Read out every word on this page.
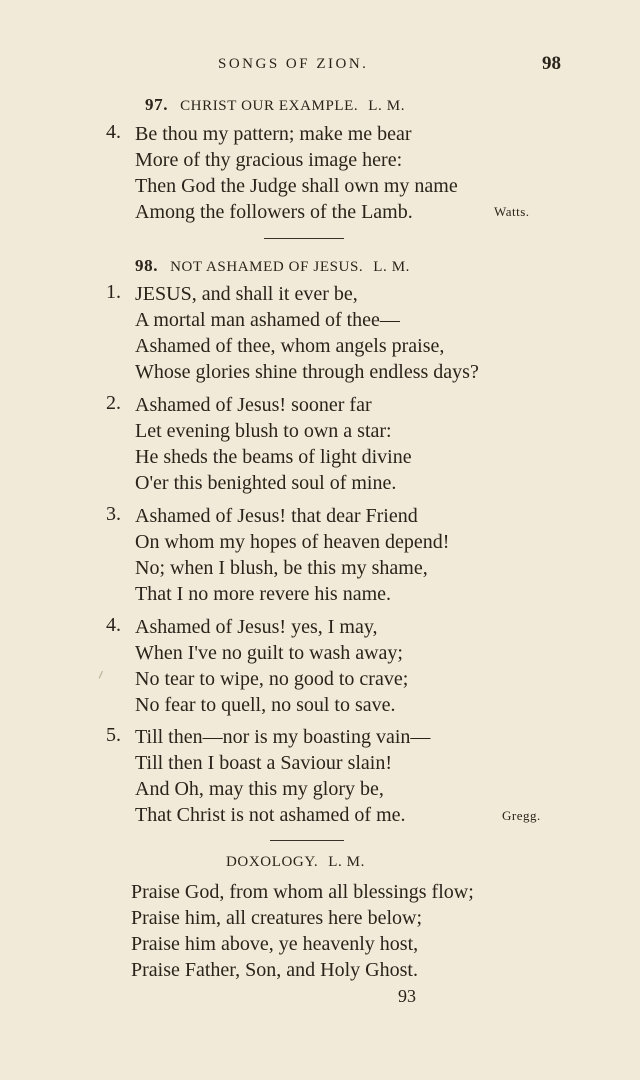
SONGS OF ZION.	98
97. CHRIST OUR EXAMPLE. L. M.
4. Be thou my pattern; make me bear
More of thy gracious image here:
Then God the Judge shall own my name
Among the followers of the Lamb.	Watts.
98. NOT ASHAMED OF JESUS. L. M.
1. JESUS, and shall it ever be,
A mortal man ashamed of thee—
Ashamed of thee, whom angels praise,
Whose glories shine through endless days?
2. Ashamed of Jesus! sooner far
Let evening blush to own a star:
He sheds the beams of light divine
O'er this benighted soul of mine.
3. Ashamed of Jesus! that dear Friend
On whom my hopes of heaven depend!
No; when I blush, be this my shame,
That I no more revere his name.
4. Ashamed of Jesus! yes, I may,
When I've no guilt to wash away;
No tear to wipe, no good to crave;
No fear to quell, no soul to save.
5. Till then—nor is my boasting vain—
Till then I boast a Saviour slain!
And Oh, may this my glory be,
That Christ is not ashamed of me.	Gregg.
DOXOLOGY. L. M.
Praise God, from whom all blessings flow;
Praise him, all creatures here below;
Praise him above, ye heavenly host,
Praise Father, Son, and Holy Ghost.
93
